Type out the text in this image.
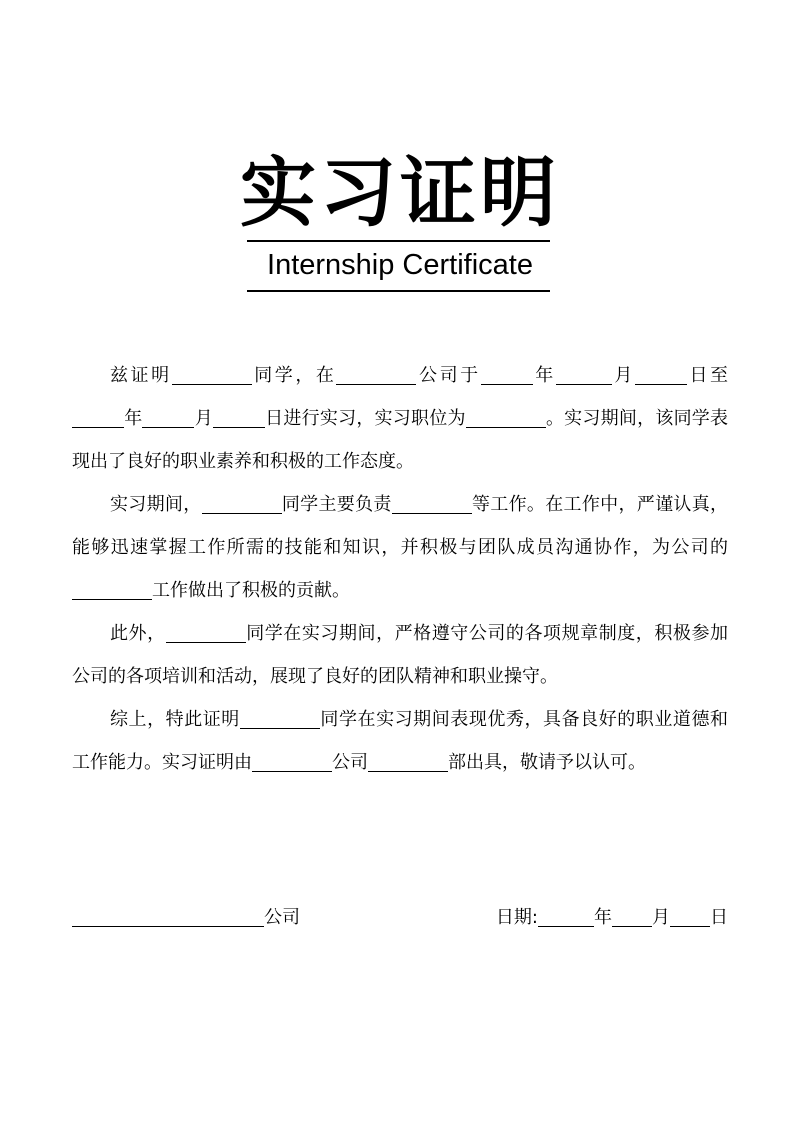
实习证明
Internship Certificate

兹证明	同学，在	公司于	年	月	日至年	月	日进行实习，实习职位为	。实习期间，该同学表现出了良好的职业素养和积极的工作态度。

实习期间，	同学主要负责	等工作。在工作中，严谨认真，能够迅速掌握工作所需的技能和知识，并积极与团队成员沟通协作，为公司的工作做出了积极的贡献。

此外，	同学在实习期间，严格遵守公司的各项规章制度，积极参加公司的各项培训和活动，展现了良好的团队精神和职业操守。

综上，特此证明	同学在实习期间表现优秀，具备良好的职业道德和工作能力。实习证明由	公司	部出具，敬请予以认可。

公司	日期:	年 月 日
